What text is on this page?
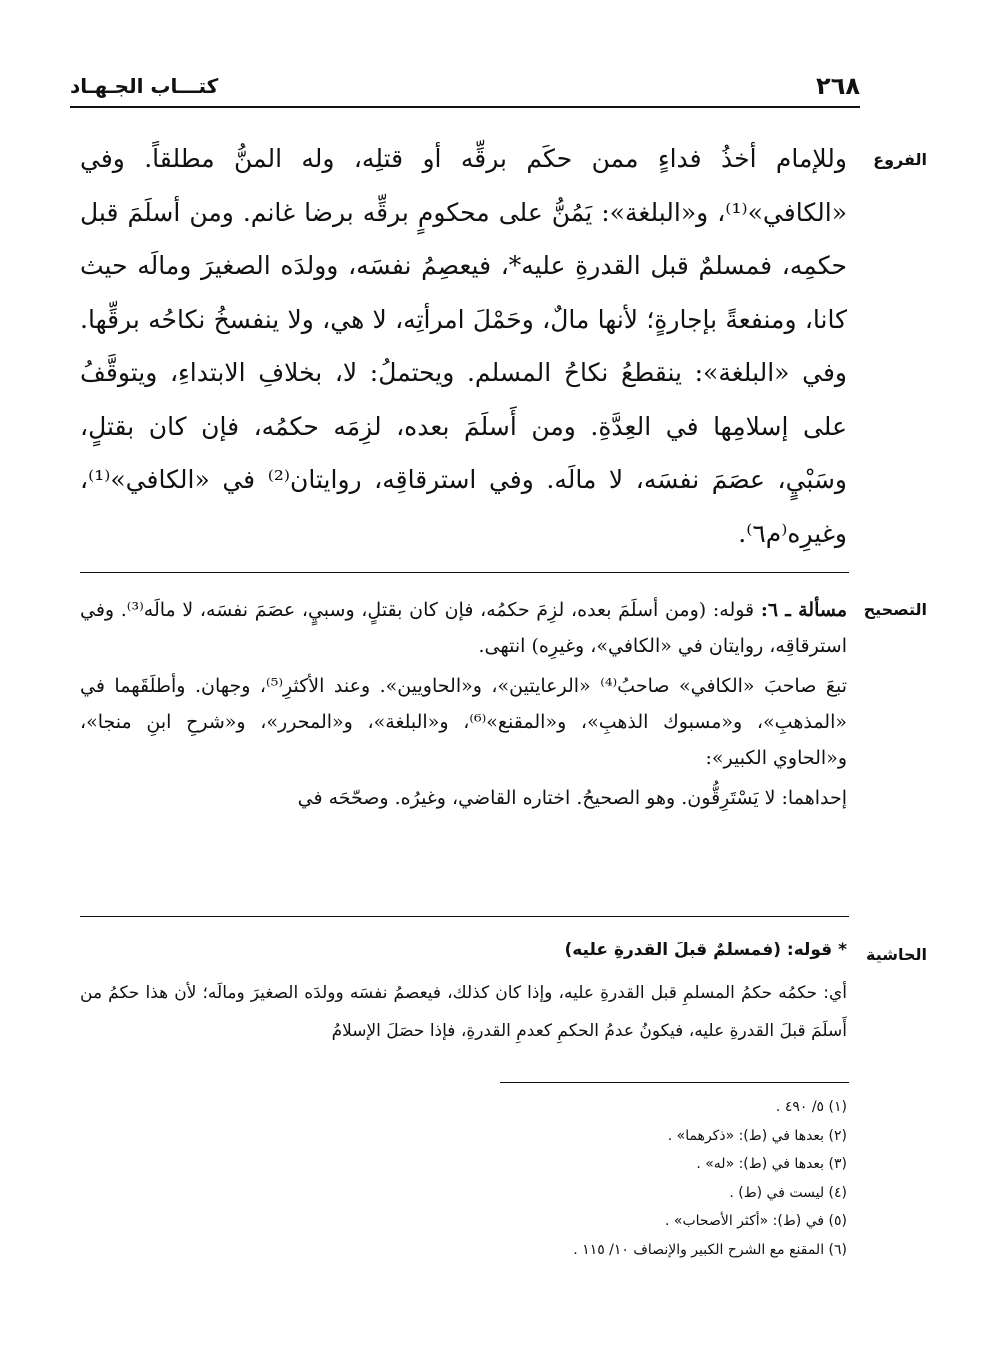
٢٦٨
كتـــاب الجـهـاد
الفروع

وللإمام أخذُ فداءٍ ممن حكَم برقِّه أو قتلِه، وله المنُّ مطلقاً. وفي «الكافي»⁽¹⁾، و«البلغة»: يَمُنُّ على محكومٍ برقِّه برضا غانم. ومن أسلَمَ قبل حكمِه، فمسلمٌ قبل القدرةِ عليه*، فيعصِمُ نفسَه، وولدَه الصغيرَ ومالَه حيث كانا، ومنفعةً بإجارةٍ؛ لأنها مالٌ، وحَمْلَ امرأتِه، لا هي، ولا ينفسخُ نكاحُه برقِّها. وفي «البلغة»: ينقطعُ نكاحُ المسلم. ويحتملُ: لا، بخلافِ الابتداءِ، ويتوقَّفُ على إسلامِها في العِدَّةِ. ومن أَسلَمَ بعده، لزِمَه حكمُه، فإن كان بقتلٍ، وسَبْيٍ، عصَمَ نفسَه، لا مالَه. وفي استرقاقِه، روايتان⁽²⁾ في «الكافي»⁽¹⁾، وغيرِه⁽م٦⁾.

التصحيح

مسألة ـ ٦: قوله: (ومن أسلَمَ بعده، لزِمَ حكمُه، فإن كان بقتلٍ، وسبيٍ، عصَمَ نفسَه، لا مالَه⁽³⁾. وفي استرقاقِه، روايتان في «الكافي»، وغيرِه) انتهى.

تبعَ صاحبَ «الكافي» صاحبُ⁽⁴⁾ «الرعايتين»، و«الحاويين». وعند الأكثرِ⁽⁵⁾، وجهان. وأطلَقَهما في «المذهبِ»، و«مسبوك الذهبِ»، و«المقنع»⁽⁶⁾، و«البلغة»، و«المحرر»، و«شرحِ ابنِ منجا»، و«الحاوي الكبير»:

إحداهما: لا يَسْتَرِقُّون. وهو الصحيحُ. اختاره القاضي، وغيرُه. وصحّحَه في

الحاشية
* قوله: (فمسلمٌ قبلَ القدرةِ عليه)

أي: حكمُه حكمُ المسلمِ قبل القدرةِ عليه، وإذا كان كذلك، فيعصمُ نفسَه وولدَه الصغيرَ ومالَه؛ لأن هذا حكمُ من أَسلَمَ قبلَ القدرةِ عليه، فيكونُ عدمُ الحكمِ كعدمِ القدرةِ، فإذا حصَلَ الإسلامُ

(١) ٥/ ٤٩٠ .
(٢) بعدها في (ط): «ذكرهما» .
(٣) بعدها في (ط): «له» .
(٤) ليست في (ط) .
(٥) في (ط): «أكثر الأصحاب» .
(٦) المقنع مع الشرح الكبير والإنصاف ١٠/ ١١٥ .
